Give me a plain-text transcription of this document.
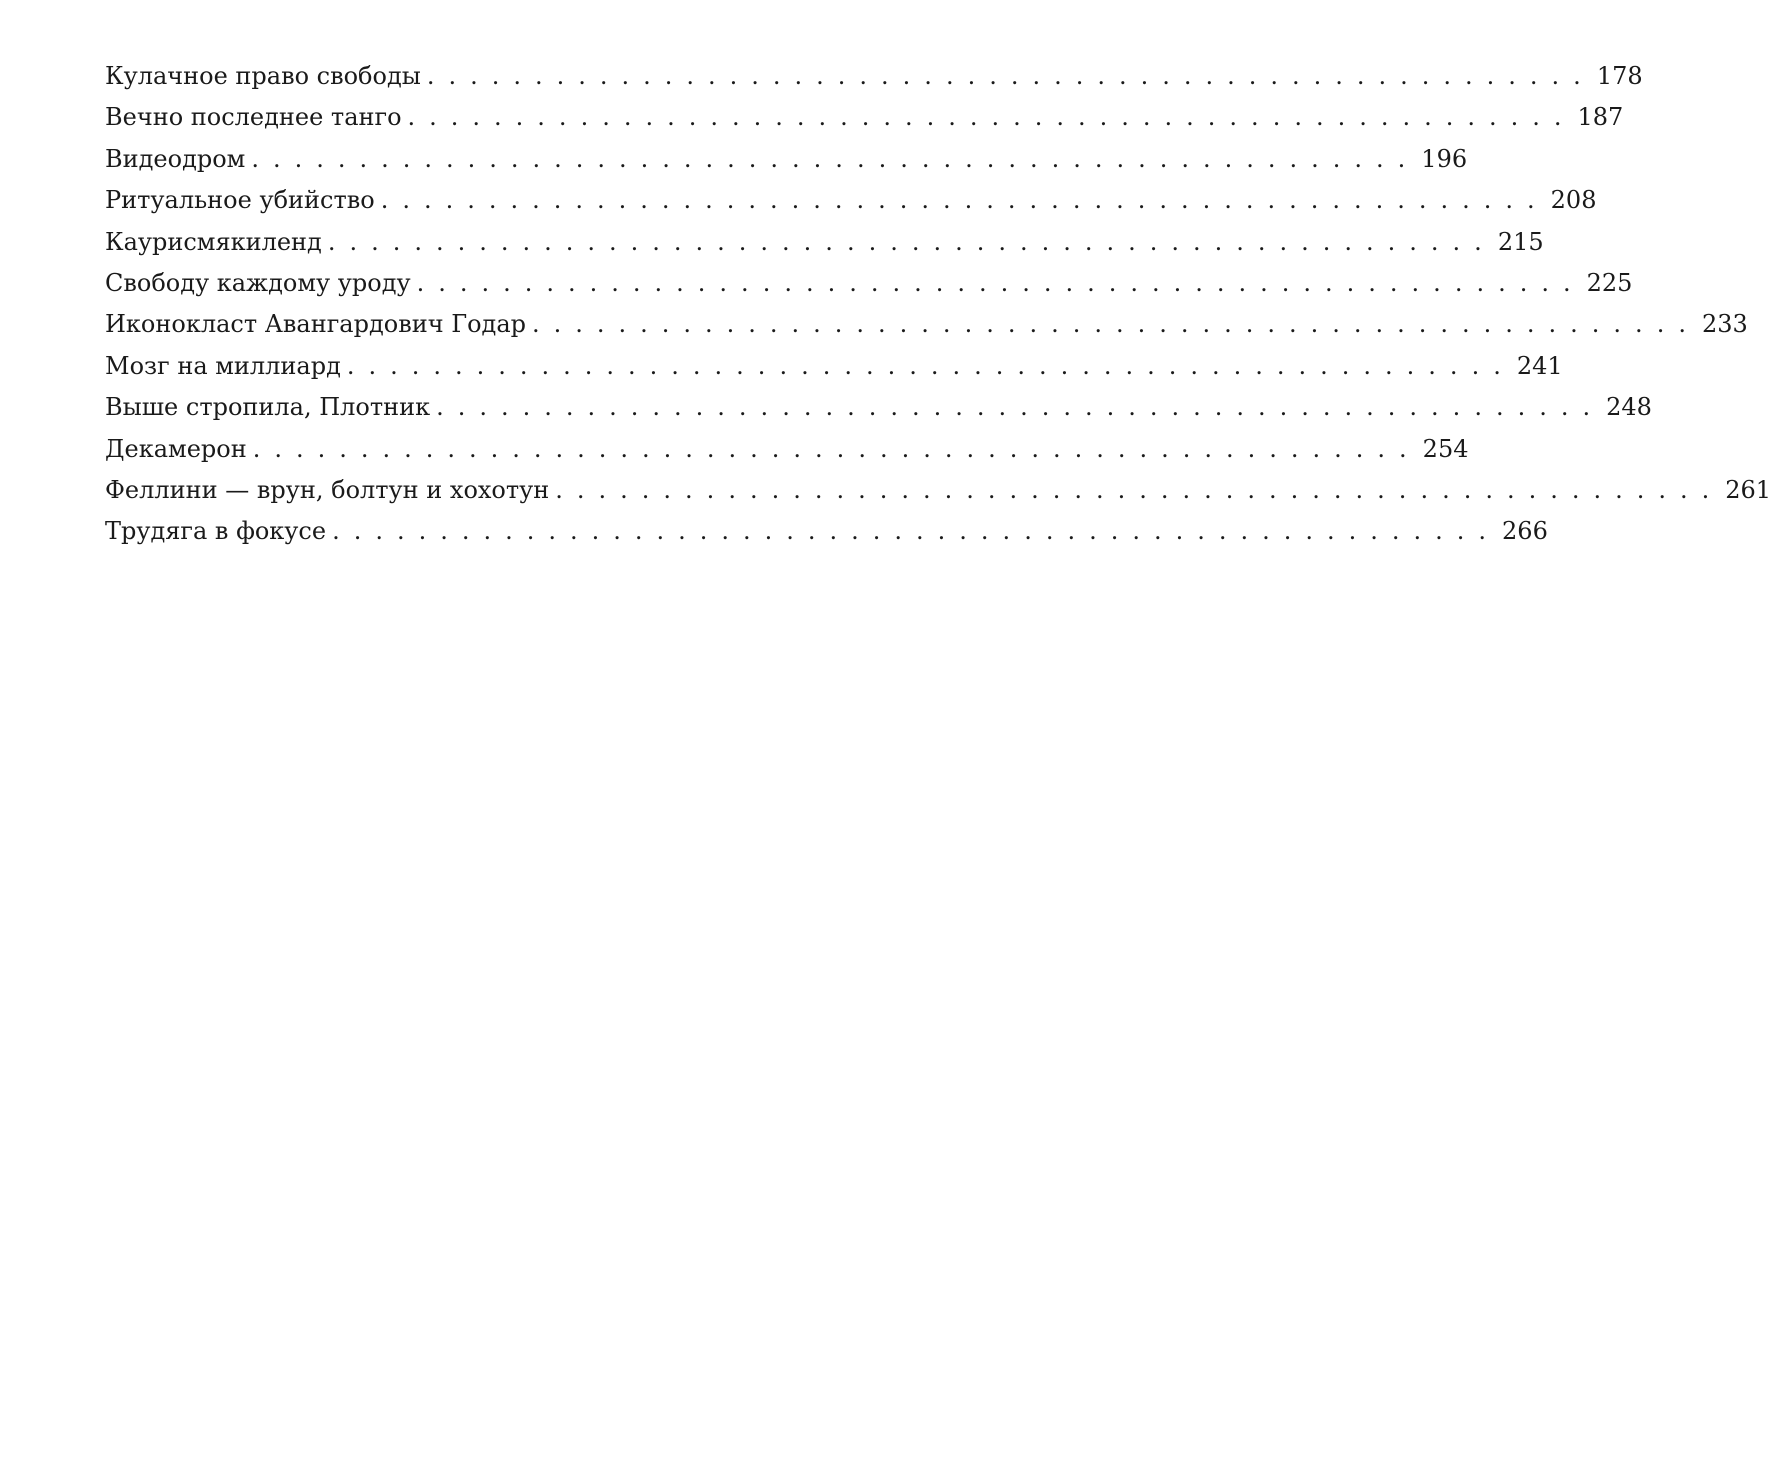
Кулачное право свободы ...................................................... 178
Вечно последнее танго ...................................................... 187
Видеодром ...................................................... 196
Ритуальное убийство ...................................................... 208
Каурисмякиленд ...................................................... 215
Свободу каждому уроду ...................................................... 225
Иконокласт Авангардович Годар ...................................................... 233
Мозг на миллиард ...................................................... 241
Выше стропила, Плотник ...................................................... 248
Декамерон ...................................................... 254
Феллини — врун, болтун и хохотун ...................................................... 261
Трудяга в фокусе ...................................................... 266
